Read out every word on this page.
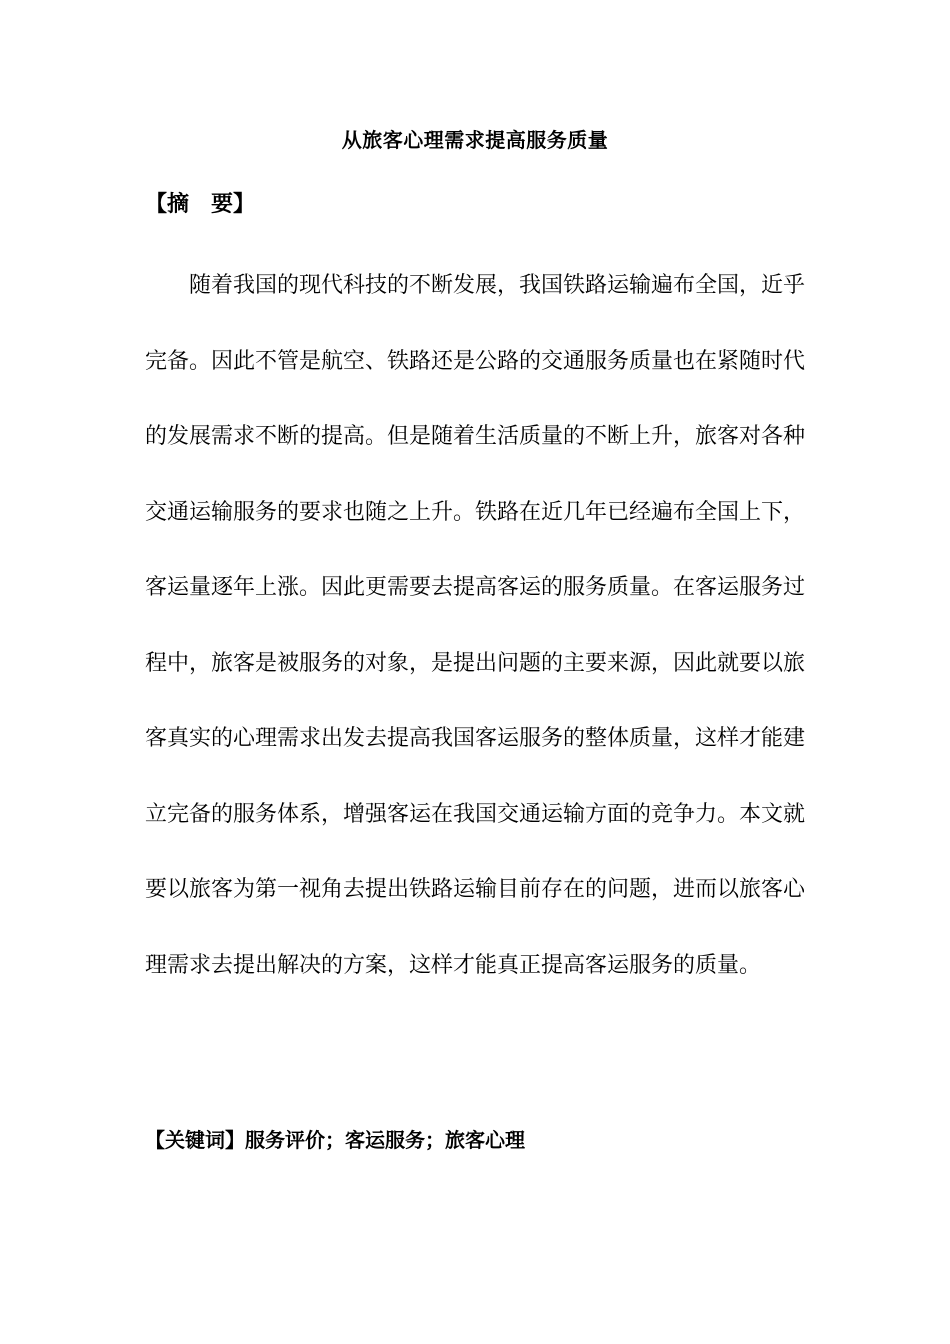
从旅客心理需求提高服务质量
【摘　要】

随着我国的现代科技的不断发展，我国铁路运输遍布全国，近乎完备。因此不管是航空、铁路还是公路的交通服务质量也在紧随时代的发展需求不断的提高。但是随着生活质量的不断上升，旅客对各种交通运输服务的要求也随之上升。铁路在近几年已经遍布全国上下，客运量逐年上涨。因此更需要去提高客运的服务质量。在客运服务过程中，旅客是被服务的对象，是提出问题的主要来源，因此就要以旅客真实的心理需求出发去提高我国客运服务的整体质量，这样才能建立完备的服务体系，增强客运在我国交通运输方面的竞争力。本文就要以旅客为第一视角去提出铁路运输目前存在的问题，进而以旅客心理需求去提出解决的方案，这样才能真正提高客运服务的质量。

【关键词】服务评价；客运服务；旅客心理
